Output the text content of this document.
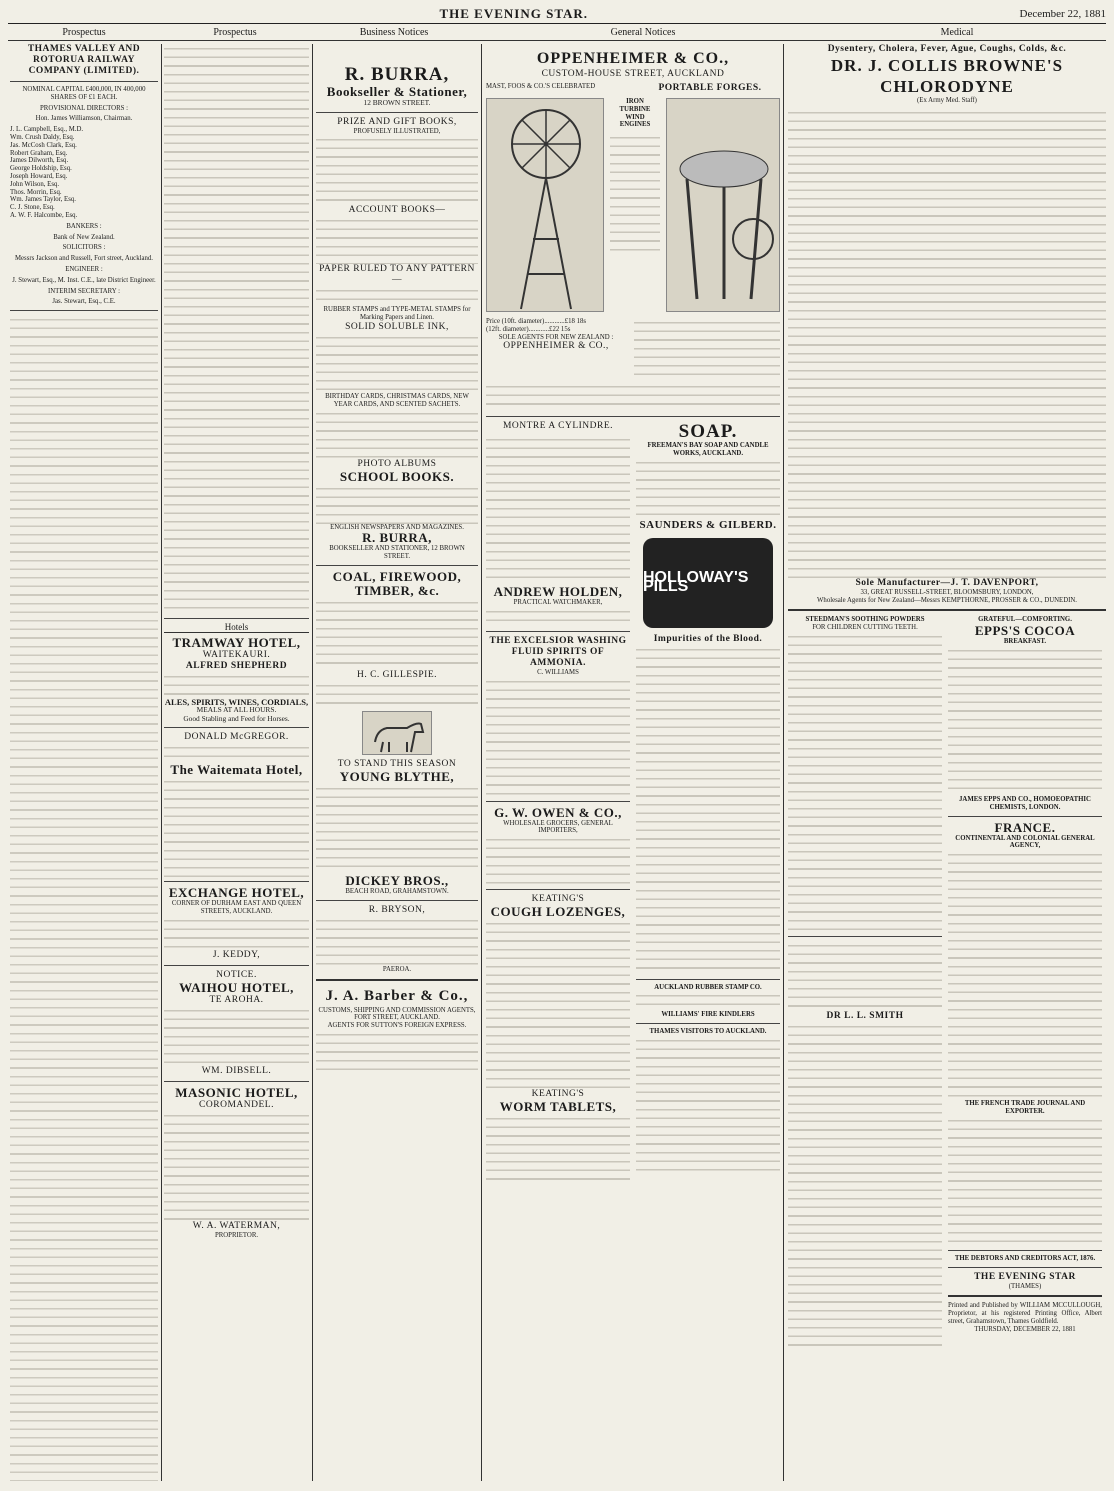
THE EVENING STAR.	December 22, 1881
Prospectus	Prospectus	Business Notices	General Notices	Medical
THAMES VALLEY AND ROTORUA RAILWAY COMPANY (LIMITED).

NOMINAL CAPITAL £400,000, IN 400,000 SHARES OF £1 EACH.

PROVISIONAL DIRECTORS :

Hon. James Williamson, Chairman.

J. L. Campbell, Esq., M.D.
Wm. Crush Daldy, Esq.
Jas. McCosh Clark, Esq.
Robert Graham, Esq.
James Dilworth, Esq.
George Holdship, Esq.
Joseph Howard, Esq.
John Wilson, Esq.
Thos. Morrin, Esq.
Wm. James Taylor, Esq.
C. J. Stone, Esq.
A. W. F. Halcombe, Esq.

BANKERS :

Bank of New Zealand.

SOLICITORS :

Messrs Jackson and Russell, Fort street, Auckland.

ENGINEER :

J. Stewart, Esq., M. Inst. C.E., late District Engineer.

INTERIM SECRETARY :

Jas. Stewart, Esq., C.E.

Hotels
TRAMWAY HOTEL,
WAITEKAURI.
ALFRED SHEPHERD
ALES, SPIRITS, WINES, CORDIALS,
MEALS AT ALL HOURS.
Good Stabling and Feed for Horses.
DONALD McGREGOR.
The Waitemata Hotel,
EXCHANGE HOTEL,
CORNER OF DURHAM EAST AND QUEEN STREETS, AUCKLAND.
J. KEDDY,
NOTICE.
WAIHOU HOTEL,
TE AROHA.
WM. DIBSELL.
MASONIC HOTEL,
COROMANDEL.
W. A. WATERMAN,
PROPRIETOR.
R. BURRA,
Bookseller & Stationer,
12 BROWN STREET.
PRIZE AND GIFT BOOKS,
PROFUSELY ILLUSTRATED,
ACCOUNT BOOKS—
PAPER RULED TO ANY PATTERN—
RUBBER STAMPS and TYPE-METAL STAMPS for Marking Papers and Linen.
SOLID SOLUBLE INK,
BIRTHDAY CARDS, CHRISTMAS CARDS, NEW YEAR CARDS, AND SCENTED SACHETS.
PHOTO ALBUMS
SCHOOL BOOKS.
ENGLISH NEWSPAPERS AND MAGAZINES.
R. BURRA,
BOOKSELLER AND STATIONER, 12 BROWN STREET.
COAL, FIREWOOD, TIMBER, &c.
H. C. GILLESPIE.
TO STAND THIS SEASON
YOUNG BLYTHE,
DICKEY BROS.,
BEACH ROAD, GRAHAMSTOWN.
R. BRYSON,
PAEROA.
J. A. Barber & Co.,
CUSTOMS, SHIPPING AND COMMISSION AGENTS,
FORT STREET, AUCKLAND.
AGENTS FOR SUTTON'S FOREIGN EXPRESS.
OPPENHEIMER & CO.,
CUSTOM-HOUSE STREET, AUCKLAND
MAST, FOOS & CO.'S CELEBRATED	PORTABLE FORGES.
IRON TURBINE WIND ENGINES
Price (10ft. diameter)............£18 18s
(12ft. diameter)............£22 15s
SOLE AGENTS FOR NEW ZEALAND :
OPPENHEIMER & CO.,
MONTRE A CYLINDRE.
ANDREW HOLDEN,
PRACTICAL WATCHMAKER,
THE EXCELSIOR WASHING FLUID SPIRITS OF AMMONIA.
C. WILLIAMS
G. W. OWEN & CO.,
WHOLESALE GROCERS, GENERAL IMPORTERS,
KEATING'S
COUGH LOZENGES,
KEATING'S
WORM TABLETS,
SOAP.
FREEMAN'S BAY SOAP AND CANDLE WORKS, AUCKLAND.
SAUNDERS & GILBERD.
HOLLOWAY'S PILLS
Impurities of the Blood.
AUCKLAND RUBBER STAMP CO.
WILLIAMS' FIRE KINDLERS
THAMES VISITORS TO AUCKLAND.
Dysentery, Cholera, Fever, Ague, Coughs, Colds, &c.
DR. J. COLLIS BROWNE'S CHLORODYNE
(Ex Army Med. Staff)
Sole Manufacturer—J. T. DAVENPORT,
33, GREAT RUSSELL-STREET, BLOOMSBURY, LONDON,
Wholesale Agents for New Zealand—Messrs KEMPTHORNE, PROSSER & CO., DUNEDIN.
STEEDMAN'S SOOTHING POWDERS
FOR CHILDREN CUTTING TEETH.
DR L. L. SMITH
GRATEFUL—COMFORTING.
EPPS'S COCOA
BREAKFAST.
JAMES EPPS AND CO., HOMOEOPATHIC CHEMISTS, LONDON.
FRANCE.
CONTINENTAL AND COLONIAL GENERAL AGENCY,
THE FRENCH TRADE JOURNAL AND EXPORTER.
THE DEBTORS AND CREDITORS ACT, 1876.
THE EVENING STAR
(THAMES)
Printed and Published by WILLIAM MCCULLOUGH, Proprietor, at his registered Printing Office, Albert street, Grahamstown, Thames Goldfield.
THURSDAY, DECEMBER 22, 1881
